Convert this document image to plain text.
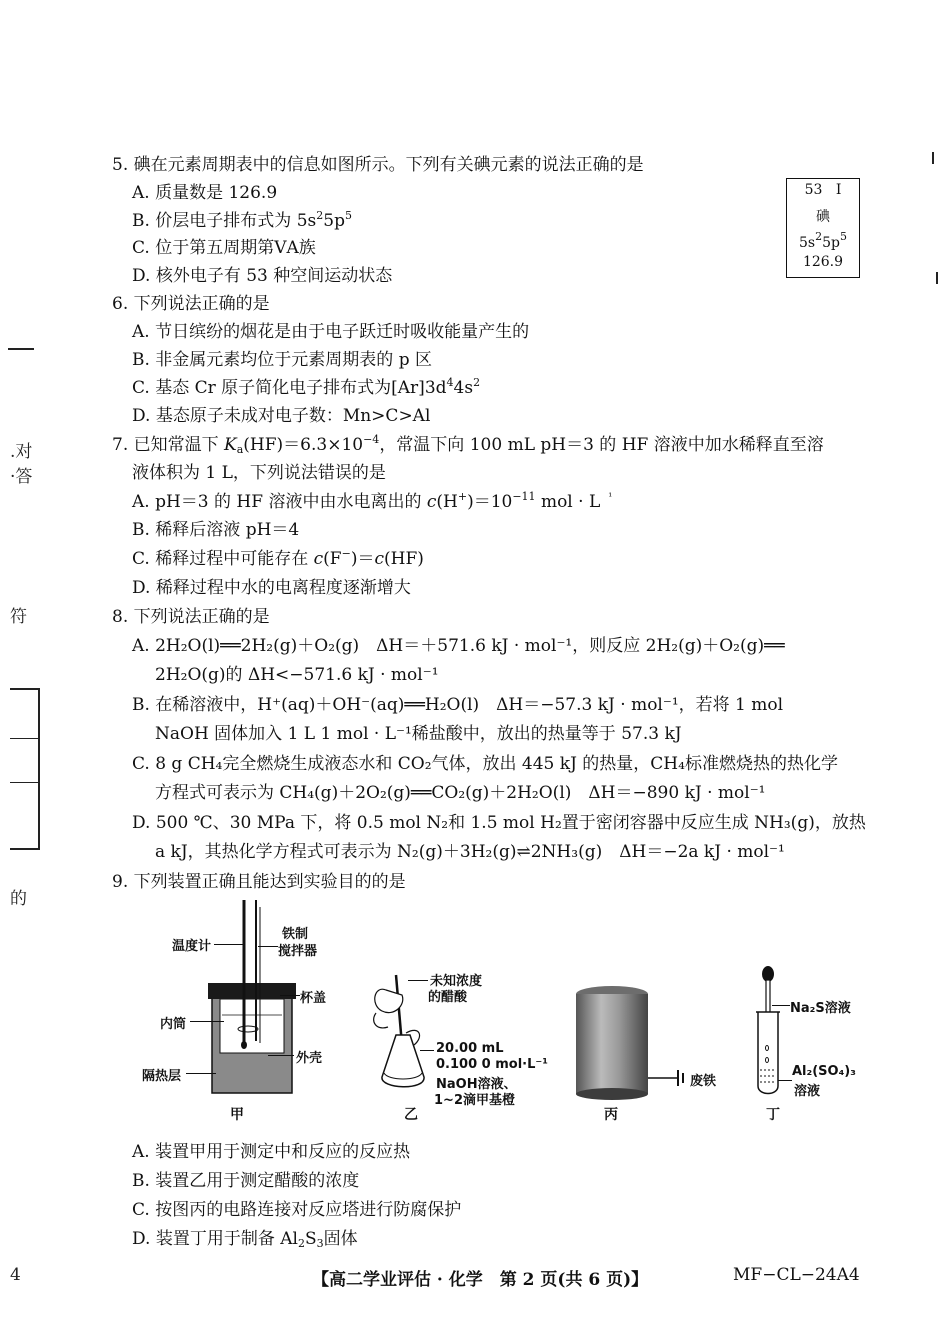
.对
·答
符
的
4
5. 碘在元素周期表中的信息如图所示。下列有关碘元素的说法正确的是
A. 质量数是 126.9
B. 价层电子排布式为 $5s^25p^5$
C. 位于第五周期第ⅤA族
D. 核外电子有 53 种空间运动状态
53 I
碘
$5s^25p^5$
126.9
6. 下列说法正确的是
A. 节日缤纷的烟花是由于电子跃迁时吸收能量产生的
B. 非金属元素均位于元素周期表的 p 区
C. 基态 Cr 原子简化电子排布式为$[Ar]3d^44s^2$
D. 基态原子未成对电子数：Mn>C>Al
7. 已知常温下 $K_a(HF)=6.3\times 10^{-4}$，常温下向 100 mL pH＝3 的 HF 溶液中加水稀释直至溶
液体积为 1 L，下列说法错误的是
A. pH＝3 的 HF 溶液中由水电离出的 $c(H^+)=10^{-11}$ mol · L $^{^1}$
B. 稀释后溶液 pH＝4
C. 稀释过程中可能存在 c(F−)＝c(HF)
D. 稀释过程中水的电离程度逐渐增大
8. 下列说法正确的是
A. 2H₂O(l)══2H₂(g)＋O₂(g)　ΔH＝＋571.6 kJ · mol⁻¹，则反应 2H₂(g)＋O₂(g)══
2H₂O(g)的 ΔH<−571.6 kJ · mol⁻¹
B. 在稀溶液中，H⁺(aq)＋OH⁻(aq)══H₂O(l)　ΔH＝−57.3 kJ · mol⁻¹，若将 1 mol
NaOH 固体加入 1 L 1 mol · L⁻¹稀盐酸中，放出的热量等于 57.3 kJ
C. 8 g CH₄完全燃烧生成液态水和 CO₂气体，放出 445 kJ 的热量，CH₄标准燃烧热的热化学
方程式可表示为 CH₄(g)＋2O₂(g)══CO₂(g)＋2H₂O(l)　ΔH＝−890 kJ · mol⁻¹
D. 500 ℃、30 MPa 下，将 0.5 mol N₂和 1.5 mol H₂置于密闭容器中反应生成 NH₃(g)，放热
a kJ，其热化学方程式可表示为 N₂(g)＋3H₂(g)⇌2NH₃(g)　ΔH＝−2a kJ · mol⁻¹
9. 下列装置正确且能达到实验目的的是
温度计
铁制
搅拌器
杯盖
内筒
外壳
隔热层
甲
未知浓度
的醋酸
20.00 mL
0.100 0 mol·L⁻¹
NaOH溶液、
1~2滴甲基橙
乙
废铁
丙
Na₂S溶液
Al₂(SO₄)₃
溶液
丁
A. 装置甲用于测定中和反应的反应热
B. 装置乙用于测定醋酸的浓度
C. 按图丙的电路连接对反应塔进行防腐保护
D. 装置丁用于制备 $Al_2S_3$固体
【高二学业评估 · 化学　第 2 页(共 6 页)】	MF−CL−24A4
